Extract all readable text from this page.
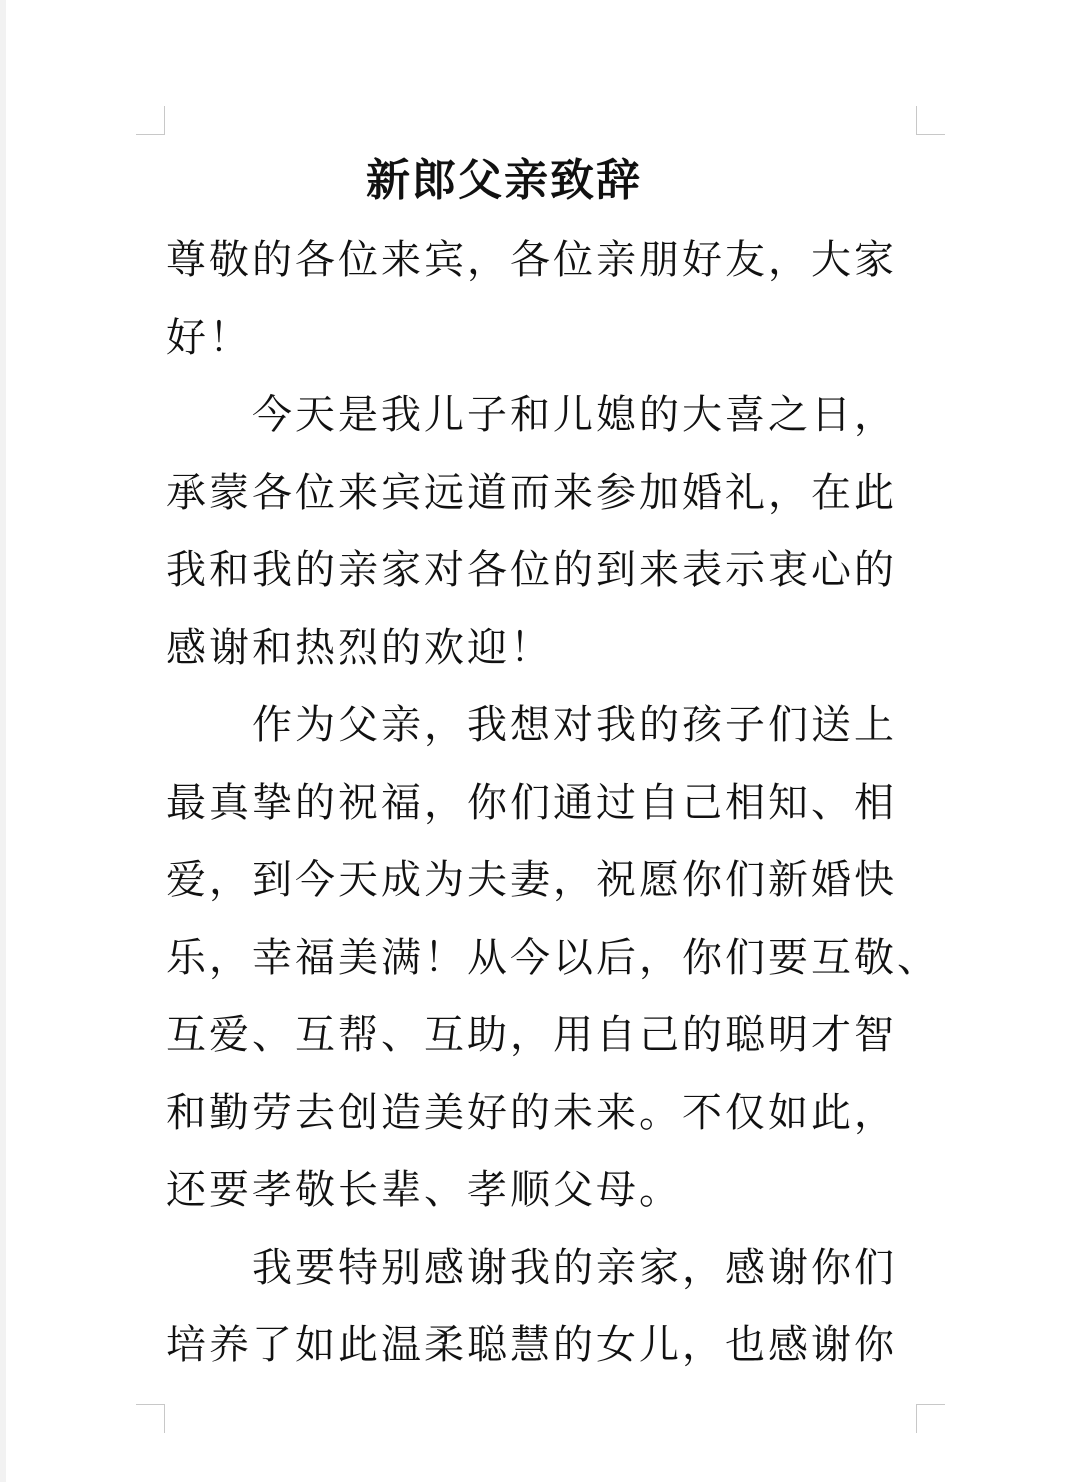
新郎父亲致辞
尊敬的各位来宾，各位亲朋好友，大家
好！
今天是我儿子和儿媳的大喜之日，
承蒙各位来宾远道而来参加婚礼，在此
我和我的亲家对各位的到来表示衷心的
感谢和热烈的欢迎！
作为父亲，我想对我的孩子们送上
最真挚的祝福，你们通过自己相知、相
爱，到今天成为夫妻，祝愿你们新婚快
乐，幸福美满！从今以后，你们要互敬、
互爱、互帮、互助，用自己的聪明才智
和勤劳去创造美好的未来。不仅如此，
还要孝敬长辈、孝顺父母。
我要特别感谢我的亲家，感谢你们
培养了如此温柔聪慧的女儿，也感谢你
